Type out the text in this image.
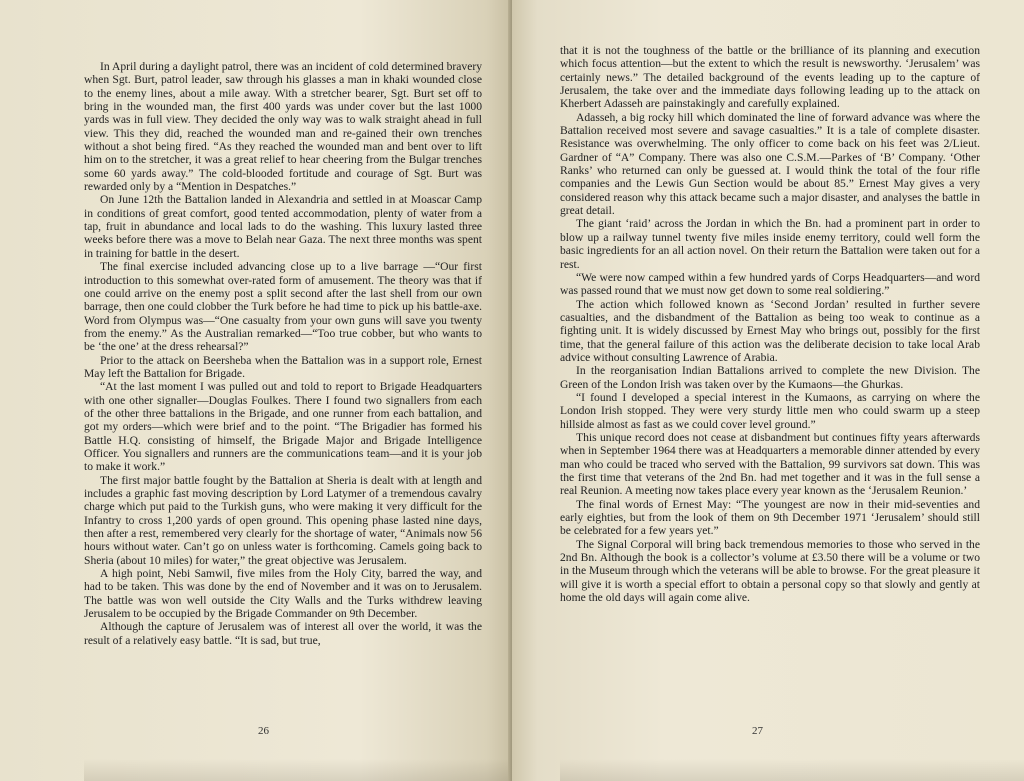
In April during a daylight patrol, there was an incident of cold determined bravery when Sgt. Burt, patrol leader, saw through his glasses a man in khaki wounded close to the enemy lines, about a mile away. With a stretcher bearer, Sgt. Burt set off to bring in the wounded man, the first 400 yards was under cover but the last 1000 yards was in full view. They decided the only way was to walk straight ahead in full view. This they did, reached the wounded man and re-gained their own trenches without a shot being fired. “As they reached the wounded man and bent over to lift him on to the stretcher, it was a great relief to hear cheering from the Bulgar trenches some 60 yards away.” The cold-blooded fortitude and courage of Sgt. Burt was rewarded only by a “Mention in Despatches.”

On June 12th the Battalion landed in Alexandria and settled in at Moascar Camp in conditions of great comfort, good tented accommodation, plenty of water from a tap, fruit in abundance and local lads to do the washing. This luxury lasted three weeks before there was a move to Belah near Gaza. The next three months was spent in training for battle in the desert.

The final exercise included advancing close up to a live barrage —“Our first introduction to this somewhat over-rated form of amusement. The theory was that if one could arrive on the enemy post a split second after the last shell from our own barrage, then one could clobber the Turk before he had time to pick up his battle-axe. Word from Olympus was—“One casualty from your own guns will save you twenty from the enemy.” As the Australian remarked—“Too true cobber, but who wants to be ‘the one’ at the dress rehearsal?”

Prior to the attack on Beersheba when the Battalion was in a support role, Ernest May left the Battalion for Brigade.

“At the last moment I was pulled out and told to report to Brigade Headquarters with one other signaller—Douglas Foulkes. There I found two signallers from each of the other three battalions in the Brigade, and one runner from each battalion, and got my orders—which were brief and to the point. “The Brigadier has formed his Battle H.Q. consisting of himself, the Brigade Major and Brigade Intelligence Officer. You signallers and runners are the communications team—and it is your job to make it work.”

The first major battle fought by the Battalion at Sheria is dealt with at length and includes a graphic fast moving description by Lord Latymer of a tremendous cavalry charge which put paid to the Turkish guns, who were making it very difficult for the Infantry to cross 1,200 yards of open ground. This opening phase lasted nine days, then after a rest, remembered very clearly for the shortage of water, “Animals now 56 hours without water. Can’t go on unless water is forthcoming. Camels going back to Sheria (about 10 miles) for water,” the great objective was Jerusalem.

A high point, Nebi Samwil, five miles from the Holy City, barred the way, and had to be taken. This was done by the end of November and it was on to Jerusalem. The battle was won well outside the City Walls and the Turks withdrew leaving Jerusalem to be occupied by the Brigade Commander on 9th December.

Although the capture of Jerusalem was of interest all over the world, it was the result of a relatively easy battle. “It is sad, but true,

26

that it is not the toughness of the battle or the brilliance of its planning and execution which focus attention—but the extent to which the result is newsworthy. ‘Jerusalem’ was certainly news.” The detailed background of the events leading up to the capture of Jerusalem, the take over and the immediate days following leading up to the attack on Kherbert Adasseh are painstakingly and carefully explained.

Adasseh, a big rocky hill which dominated the line of forward advance was where the Battalion received most severe and savage casualties.” It is a tale of complete disaster. Resistance was overwhelming. The only officer to come back on his feet was 2/Lieut. Gardner of “A” Company. There was also one C.S.M.—Parkes of ‘B’ Company. ‘Other Ranks’ who returned can only be guessed at. I would think the total of the four rifle companies and the Lewis Gun Section would be about 85.” Ernest May gives a very considered reason why this attack became such a major disaster, and analyses the battle in great detail.

The giant ‘raid’ across the Jordan in which the Bn. had a prominent part in order to blow up a railway tunnel twenty five miles inside enemy territory, could well form the basic ingredients for an all action novel. On their return the Battalion were taken out for a rest.

“We were now camped within a few hundred yards of Corps Headquarters—and word was passed round that we must now get down to some real soldiering.”

The action which followed known as ‘Second Jordan’ resulted in further severe casualties, and the disbandment of the Battalion as being too weak to continue as a fighting unit. It is widely discussed by Ernest May who brings out, possibly for the first time, that the general failure of this action was the deliberate decision to take local Arab advice without consulting Lawrence of Arabia.

In the reorganisation Indian Battalions arrived to complete the new Division. The Green of the London Irish was taken over by the Kumaons—the Ghurkas.

“I found I developed a special interest in the Kumaons, as carrying on where the London Irish stopped. They were very sturdy little men who could swarm up a steep hillside almost as fast as we could cover level ground.”

This unique record does not cease at disbandment but continues fifty years afterwards when in September 1964 there was at Headquarters a memorable dinner attended by every man who could be traced who served with the Battalion, 99 survivors sat down. This was the first time that veterans of the 2nd Bn. had met together and it was in the full sense a real Reunion. A meeting now takes place every year known as the ‘Jerusalem Reunion.’

The final words of Ernest May: “The youngest are now in their mid-seventies and early eighties, but from the look of them on 9th December 1971 ‘Jerusalem’ should still be celebrated for a few years yet.”

The Signal Corporal will bring back tremendous memories to those who served in the 2nd Bn. Although the book is a collector’s volume at £3.50 there will be a volume or two in the Museum through which the veterans will be able to browse. For the great pleasure it will give it is worth a special effort to obtain a personal copy so that slowly and gently at home the old days will again come alive.

27
